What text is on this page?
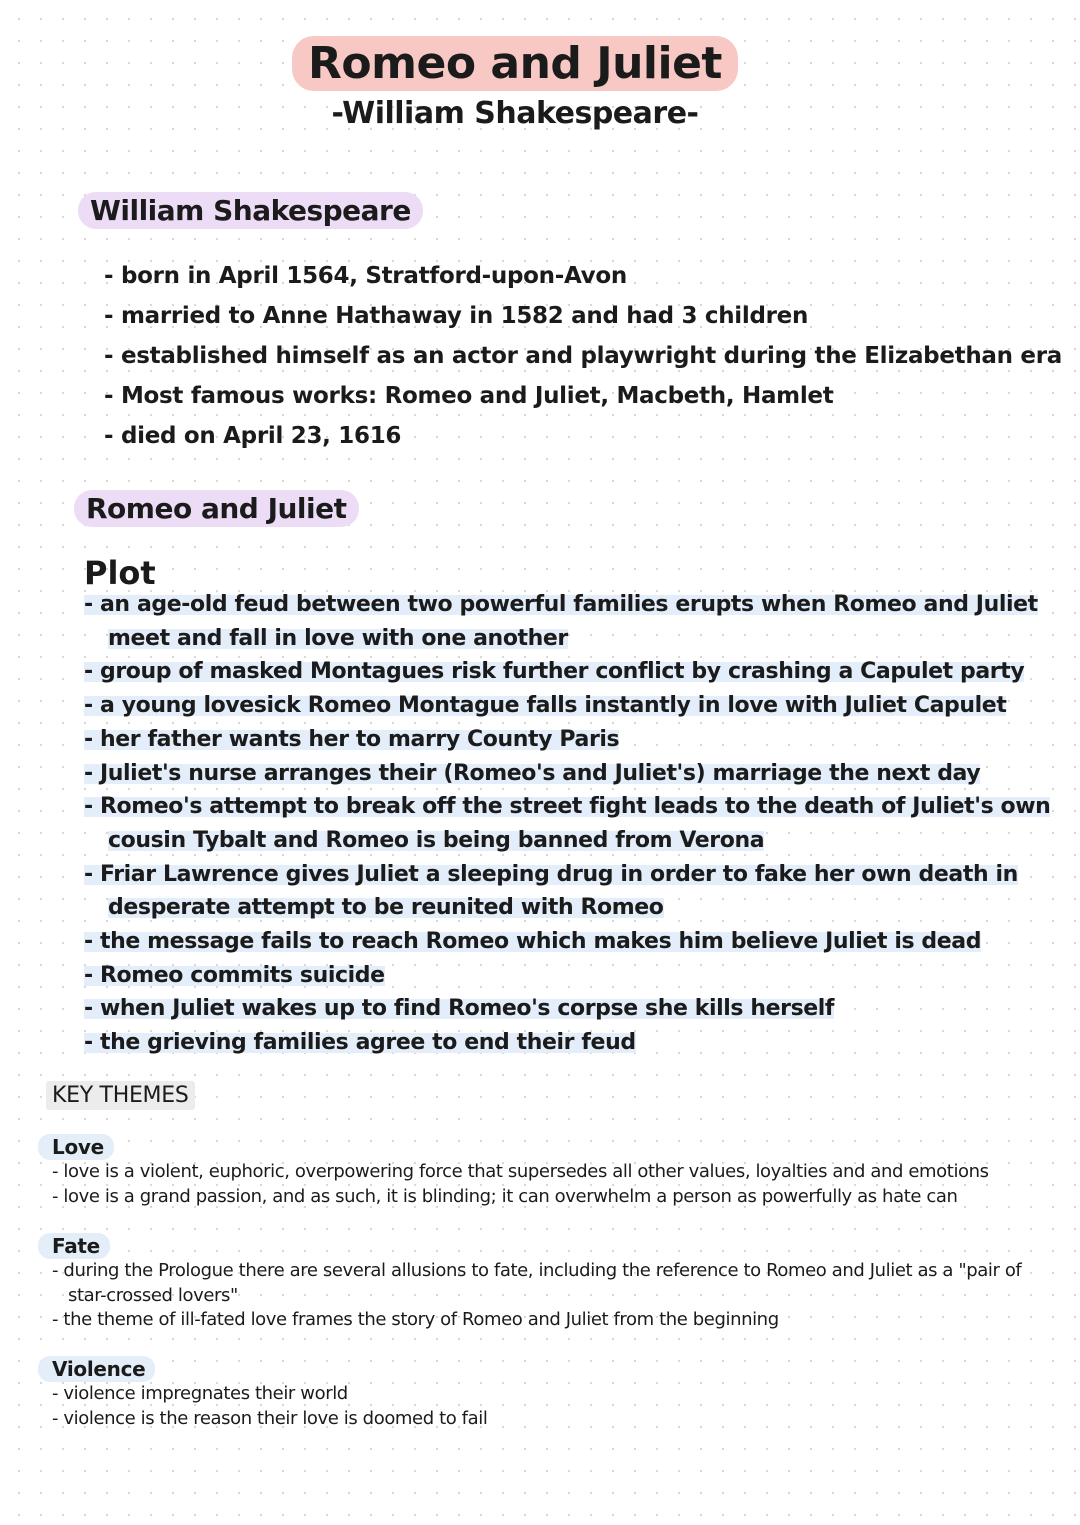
Romeo and Juliet
-William Shakespeare-
William Shakespeare
- born in April 1564, Stratford-upon-Avon
- married to Anne Hathaway in 1582 and had 3 children
- established himself as an actor and playwright during the Elizabethan era
- Most famous works: Romeo and Juliet, Macbeth, Hamlet
- died on April 23, 1616
Romeo and Juliet
Plot
- an age-old feud between two powerful families erupts when Romeo and Juliet meet and fall in love with one another
- group of masked Montagues risk further conflict by crashing a Capulet party
- a young lovesick Romeo Montague falls instantly in love with Juliet Capulet
- her father wants her to marry County Paris
- Juliet's nurse arranges their (Romeo's and Juliet's) marriage the next day
- Romeo's attempt to break off the street fight leads to the death of Juliet's own cousin Tybalt and Romeo is being banned from Verona
- Friar Lawrence gives Juliet a sleeping drug in order to fake her own death in desperate attempt to be reunited with Romeo
- the message fails to reach Romeo which makes him believe Juliet is dead
- Romeo commits suicide
- when Juliet wakes up to find Romeo's corpse she kills herself
- the grieving families agree to end their feud
KEY THEMES
Love
- love is a violent, euphoric, overpowering force that supersedes all other values, loyalties and and emotions
- love is a grand passion, and as such, it is blinding; it can overwhelm a person as powerfully as hate can
Fate
- during the Prologue there are several allusions to fate, including the reference to Romeo and Juliet as a "pair of star-crossed lovers"
- the theme of ill-fated love frames the story of Romeo and Juliet from the beginning
Violence
- violence impregnates their world
- violence is the reason their love is doomed to fail
